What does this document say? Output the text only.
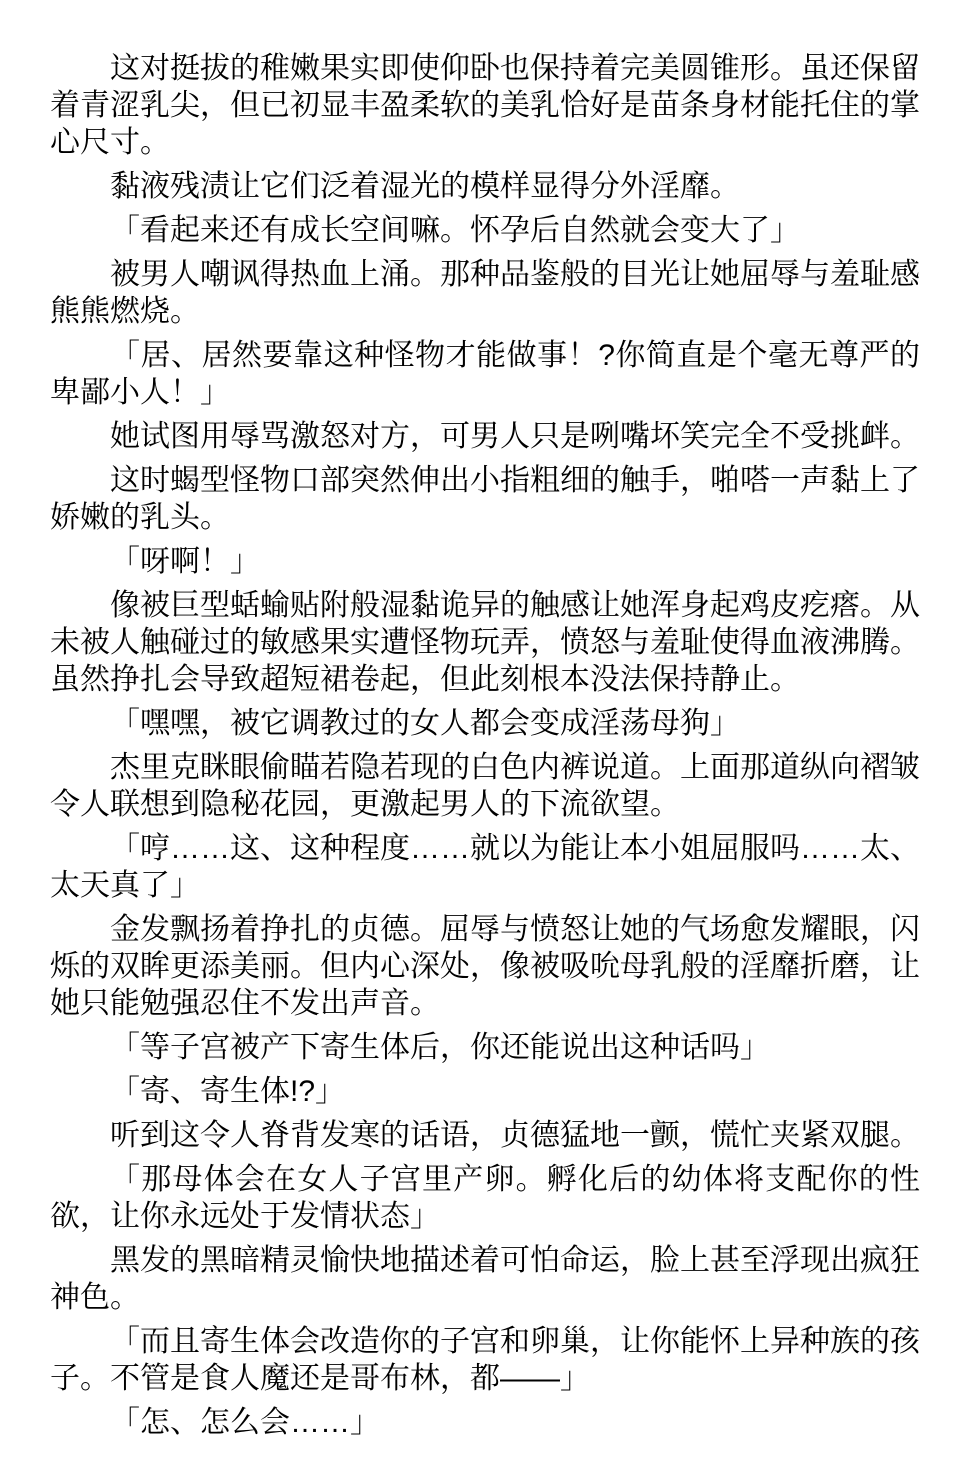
这对挺拔的稚嫩果实即使仰卧也保持着完美圆锥形。虽还保留着青涩乳尖，但已初显丰盈柔软的美乳恰好是苗条身材能托住的掌心尺寸。

黏液残渍让它们泛着湿光的模样显得分外淫靡。

「看起来还有成长空间嘛。怀孕后自然就会变大了」

被男人嘲讽得热血上涌。那种品鉴般的目光让她屈辱与羞耻感熊熊燃烧。

「居、居然要靠这种怪物才能做事！?你简直是个毫无尊严的卑鄙小人！」

她试图用辱骂激怒对方，可男人只是咧嘴坏笑完全不受挑衅。

这时蝎型怪物口部突然伸出小指粗细的触手，啪嗒一声黏上了娇嫩的乳头。

「呀啊！」

像被巨型蛞蝓贴附般湿黏诡异的触感让她浑身起鸡皮疙瘩。从未被人触碰过的敏感果实遭怪物玩弄，愤怒与羞耻使得血液沸腾。虽然挣扎会导致超短裙卷起，但此刻根本没法保持静止。

「嘿嘿，被它调教过的女人都会变成淫荡母狗」

杰里克眯眼偷瞄若隐若现的白色内裤说道。上面那道纵向褶皱令人联想到隐秘花园，更激起男人的下流欲望。

「哼……这、这种程度……就以为能让本小姐屈服吗……太、太天真了」

金发飘扬着挣扎的贞德。屈辱与愤怒让她的气场愈发耀眼，闪烁的双眸更添美丽。但内心深处，像被吸吮母乳般的淫靡折磨，让她只能勉强忍住不发出声音。

「等子宫被产下寄生体后，你还能说出这种话吗」

「寄、寄生体!?」

听到这令人脊背发寒的话语，贞德猛地一颤，慌忙夹紧双腿。

「那母体会在女人子宫里产卵。孵化后的幼体将支配你的性欲，让你永远处于发情状态」

黑发的黑暗精灵愉快地描述着可怕命运，脸上甚至浮现出疯狂神色。

「而且寄生体会改造你的子宫和卵巢，让你能怀上异种族的孩子。不管是食人魔还是哥布林，都——」

「怎、怎么会……」
